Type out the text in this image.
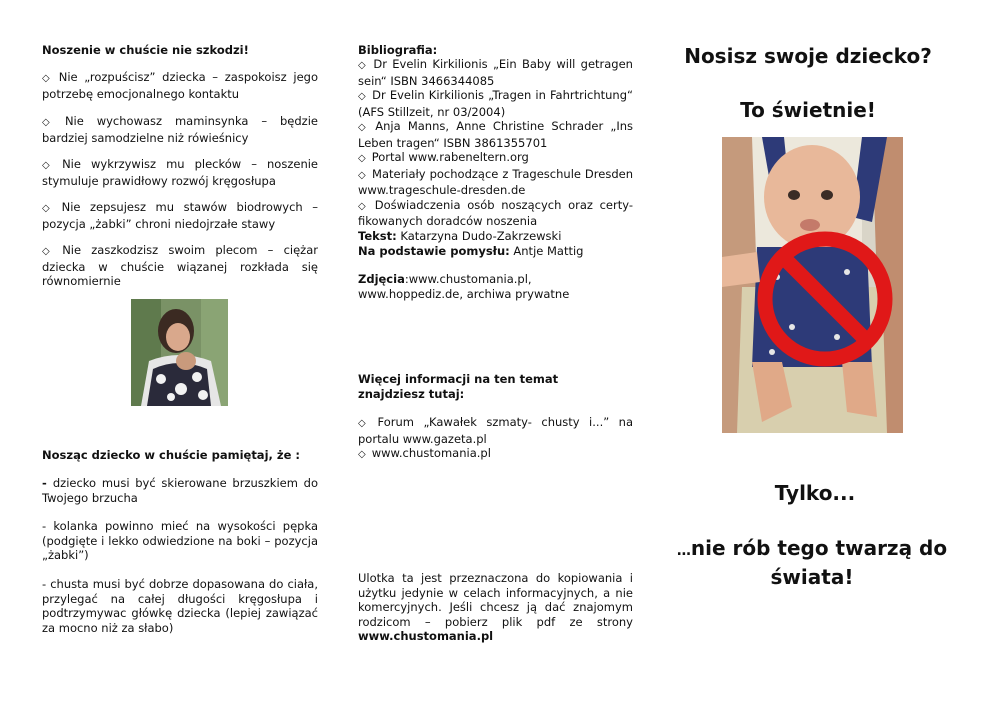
Noszenie w chuście nie szkodzi!
◇ Nie „rozpuścisz” dziecka – zaspokoisz jego potrzebę emocjonalnego kontaktu
◇ Nie wychowasz maminsynka – będzie bardziej samodzielne niż rówieśnicy
◇ Nie wykrzywisz mu plecków – noszenie stymuluje prawidłowy rozwój kręgosłupa
◇ Nie zepsujesz mu stawów biodrowych – pozycja „żabki” chroni niedojrzałe stawy
◇ Nie zaszkodzisz swoim plecom – ciężar dziecka w chuście wiązanej rozkłada się równomiernie
Nosząc dziecko w chuście pamiętaj, że :
- dziecko musi być skierowane brzuszkiem do Twojego brzucha
- kolanka powinno mieć na wysokości pępka (podgięte i lekko odwiedzione na boki – pozycja „żabki”)
- chusta musi być dobrze dopasowana do ciała, przylegać na całej długości kręgosłupa i podtrzymywac główkę dziecka (lepiej zawiązać za mocno niż za słabo)
Bibliografia:
◇ Dr Evelin Kirkilionis „Ein Baby will getragen sein“ ISBN 3466344085
◇ Dr Evelin Kirkilionis „Tragen in Fahrtrichtung“ (AFS Stillzeit, nr 03/2004)
◇ Anja Manns, Anne Christine Schrader „Ins Leben tragen“ ISBN 3861355701
◇ Portal www.rabeneltern.org
◇ Materiały pochodzące z Trageschule Dresden www.trageschule-dresden.de
◇ Doświadczenia osób noszących oraz certy-fikowanych doradców noszenia
Tekst: Katarzyna Dudo-Zakrzewski
Na podstawie pomysłu: Antje Mattig
Zdjęcia:www.chustomania.pl, www.hoppediz.de, archiwa prywatne
Więcej informacji na ten temat znajdziesz tutaj:
◇ Forum „Kawałek szmaty- chusty i...” na portalu www.gazeta.pl
◇ www.chustomania.pl
Ulotka ta jest przeznaczona do kopiowania i użytku jedynie w celach informacyjnych, a nie komercyjnych. Jeśli chcesz ją dać znajomym rodzicom – pobierz plik pdf ze strony www.chustomania.pl
Nosisz swoje dziecko?
To świetnie!
Tylko...
…nie rób tego twarzą do świata!
